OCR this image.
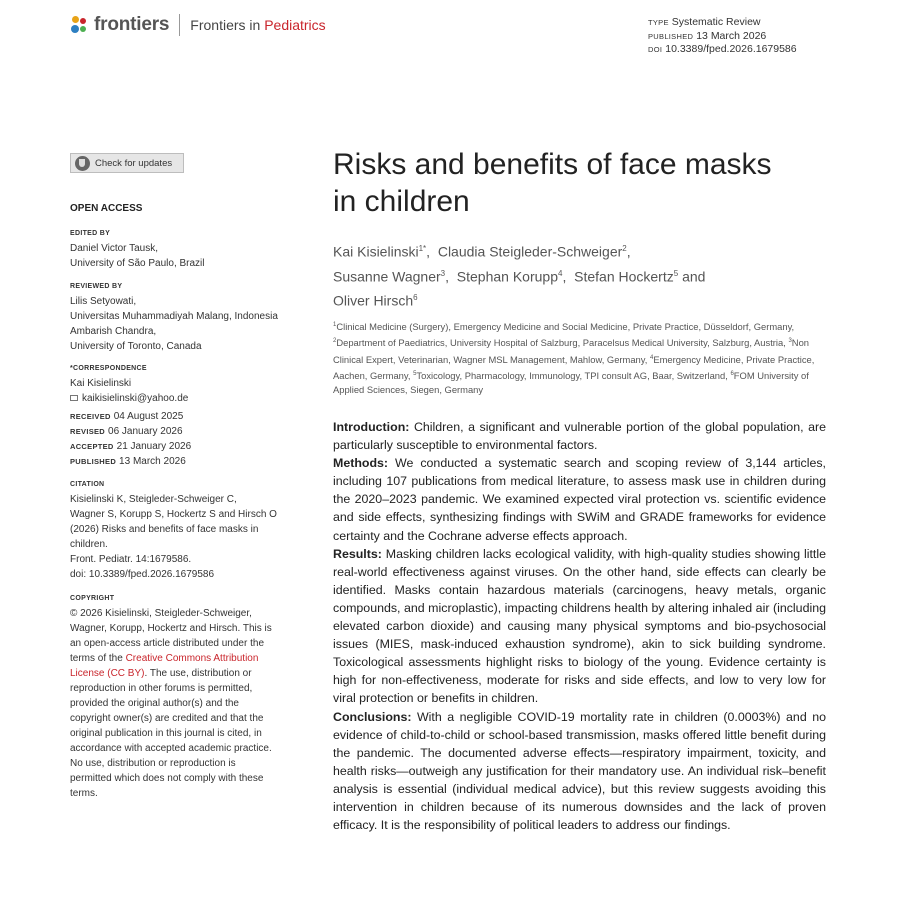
frontiers Frontiers in Pediatrics	TYPE Systematic Review
PUBLISHED 13 March 2026
DOI 10.3389/fped.2026.1679586
Check for updates
OPEN ACCESS
EDITED BY
Daniel Victor Tausk,
University of São Paulo, Brazil
REVIEWED BY
Lilis Setyowati,
Universitas Muhammadiyah Malang, Indonesia
Ambarish Chandra,
University of Toronto, Canada
*CORRESPONDENCE
Kai Kisielinski
kaikisielinski@yahoo.de
RECEIVED 04 August 2025
REVISED 06 January 2026
ACCEPTED 21 January 2026
PUBLISHED 13 March 2026
CITATION
Kisielinski K, Steigleder-Schweiger C,
Wagner S, Korupp S, Hockertz S and Hirsch O
(2026) Risks and benefits of face masks in
children.
Front. Pediatr. 14:1679586.
doi: 10.3389/fped.2026.1679586
COPYRIGHT
© 2026 Kisielinski, Steigleder-Schweiger,
Wagner, Korupp, Hockertz and Hirsch. This is
an open-access article distributed under the
terms of the Creative Commons Attribution
License (CC BY). The use, distribution or
reproduction in other forums is permitted,
provided the original author(s) and the
copyright owner(s) are credited and that the
original publication in this journal is cited, in
accordance with accepted academic practice.
No use, distribution or reproduction is
permitted which does not comply with these
terms.
Risks and benefits of face masks
in children
Kai Kisielinski$^{1*}$,  Claudia Steigleder-Schweiger$^2$,
Susanne Wagner$^3$,  Stephan Korupp$^4$,  Stefan Hockertz$^5$ and
Oliver Hirsch$^6$
$^1$Clinical Medicine (Surgery), Emergency Medicine and Social Medicine, Private Practice, Düsseldorf, Germany, $^2$Department of Paediatrics, University Hospital of Salzburg, Paracelsus Medical University, Salzburg, Austria, $^3$Non Clinical Expert, Veterinarian, Wagner MSL Management, Mahlow, Germany, $^4$Emergency Medicine, Private Practice, Aachen, Germany, $^5$Toxicology, Pharmacology, Immunology, TPI consult AG, Baar, Switzerland, $^6$FOM University of Applied Sciences, Siegen, Germany

Introduction: Children, a significant and vulnerable portion of the global population, are particularly susceptible to environmental factors.

Methods: We conducted a systematic search and scoping review of 3,144 articles, including 107 publications from medical literature, to assess mask use in children during the 2020–2023 pandemic. We examined expected viral protection vs. scientific evidence and side effects, synthesizing findings with SWiM and GRADE frameworks for evidence certainty and the Cochrane adverse effects approach.

Results: Masking children lacks ecological validity, with high-quality studies showing little real-world effectiveness against viruses. On the other hand, side effects can clearly be identified. Masks contain hazardous materials (carcinogens, heavy metals, organic compounds, and microplastic), impacting childrens health by altering inhaled air (including elevated carbon dioxide) and causing many physical symptoms and bio-psychosocial issues (MIES, mask-induced exhaustion syndrome), akin to sick building syndrome. Toxicological assessments highlight risks to biology of the young. Evidence certainty is high for non-effectiveness, moderate for risks and side effects, and low to very low for viral protection or benefits in children.

Conclusions: With a negligible COVID-19 mortality rate in children (0.0003%) and no evidence of child-to-child or school-based transmission, masks offered little benefit during the pandemic. The documented adverse effects—respiratory impairment, toxicity, and health risks—outweigh any justification for their mandatory use. An individual risk–benefit analysis is essential (individual medical advice), but this review suggests avoiding this intervention in children because of its numerous downsides and the lack of proven efficacy. It is the responsibility of political leaders to address our findings.
